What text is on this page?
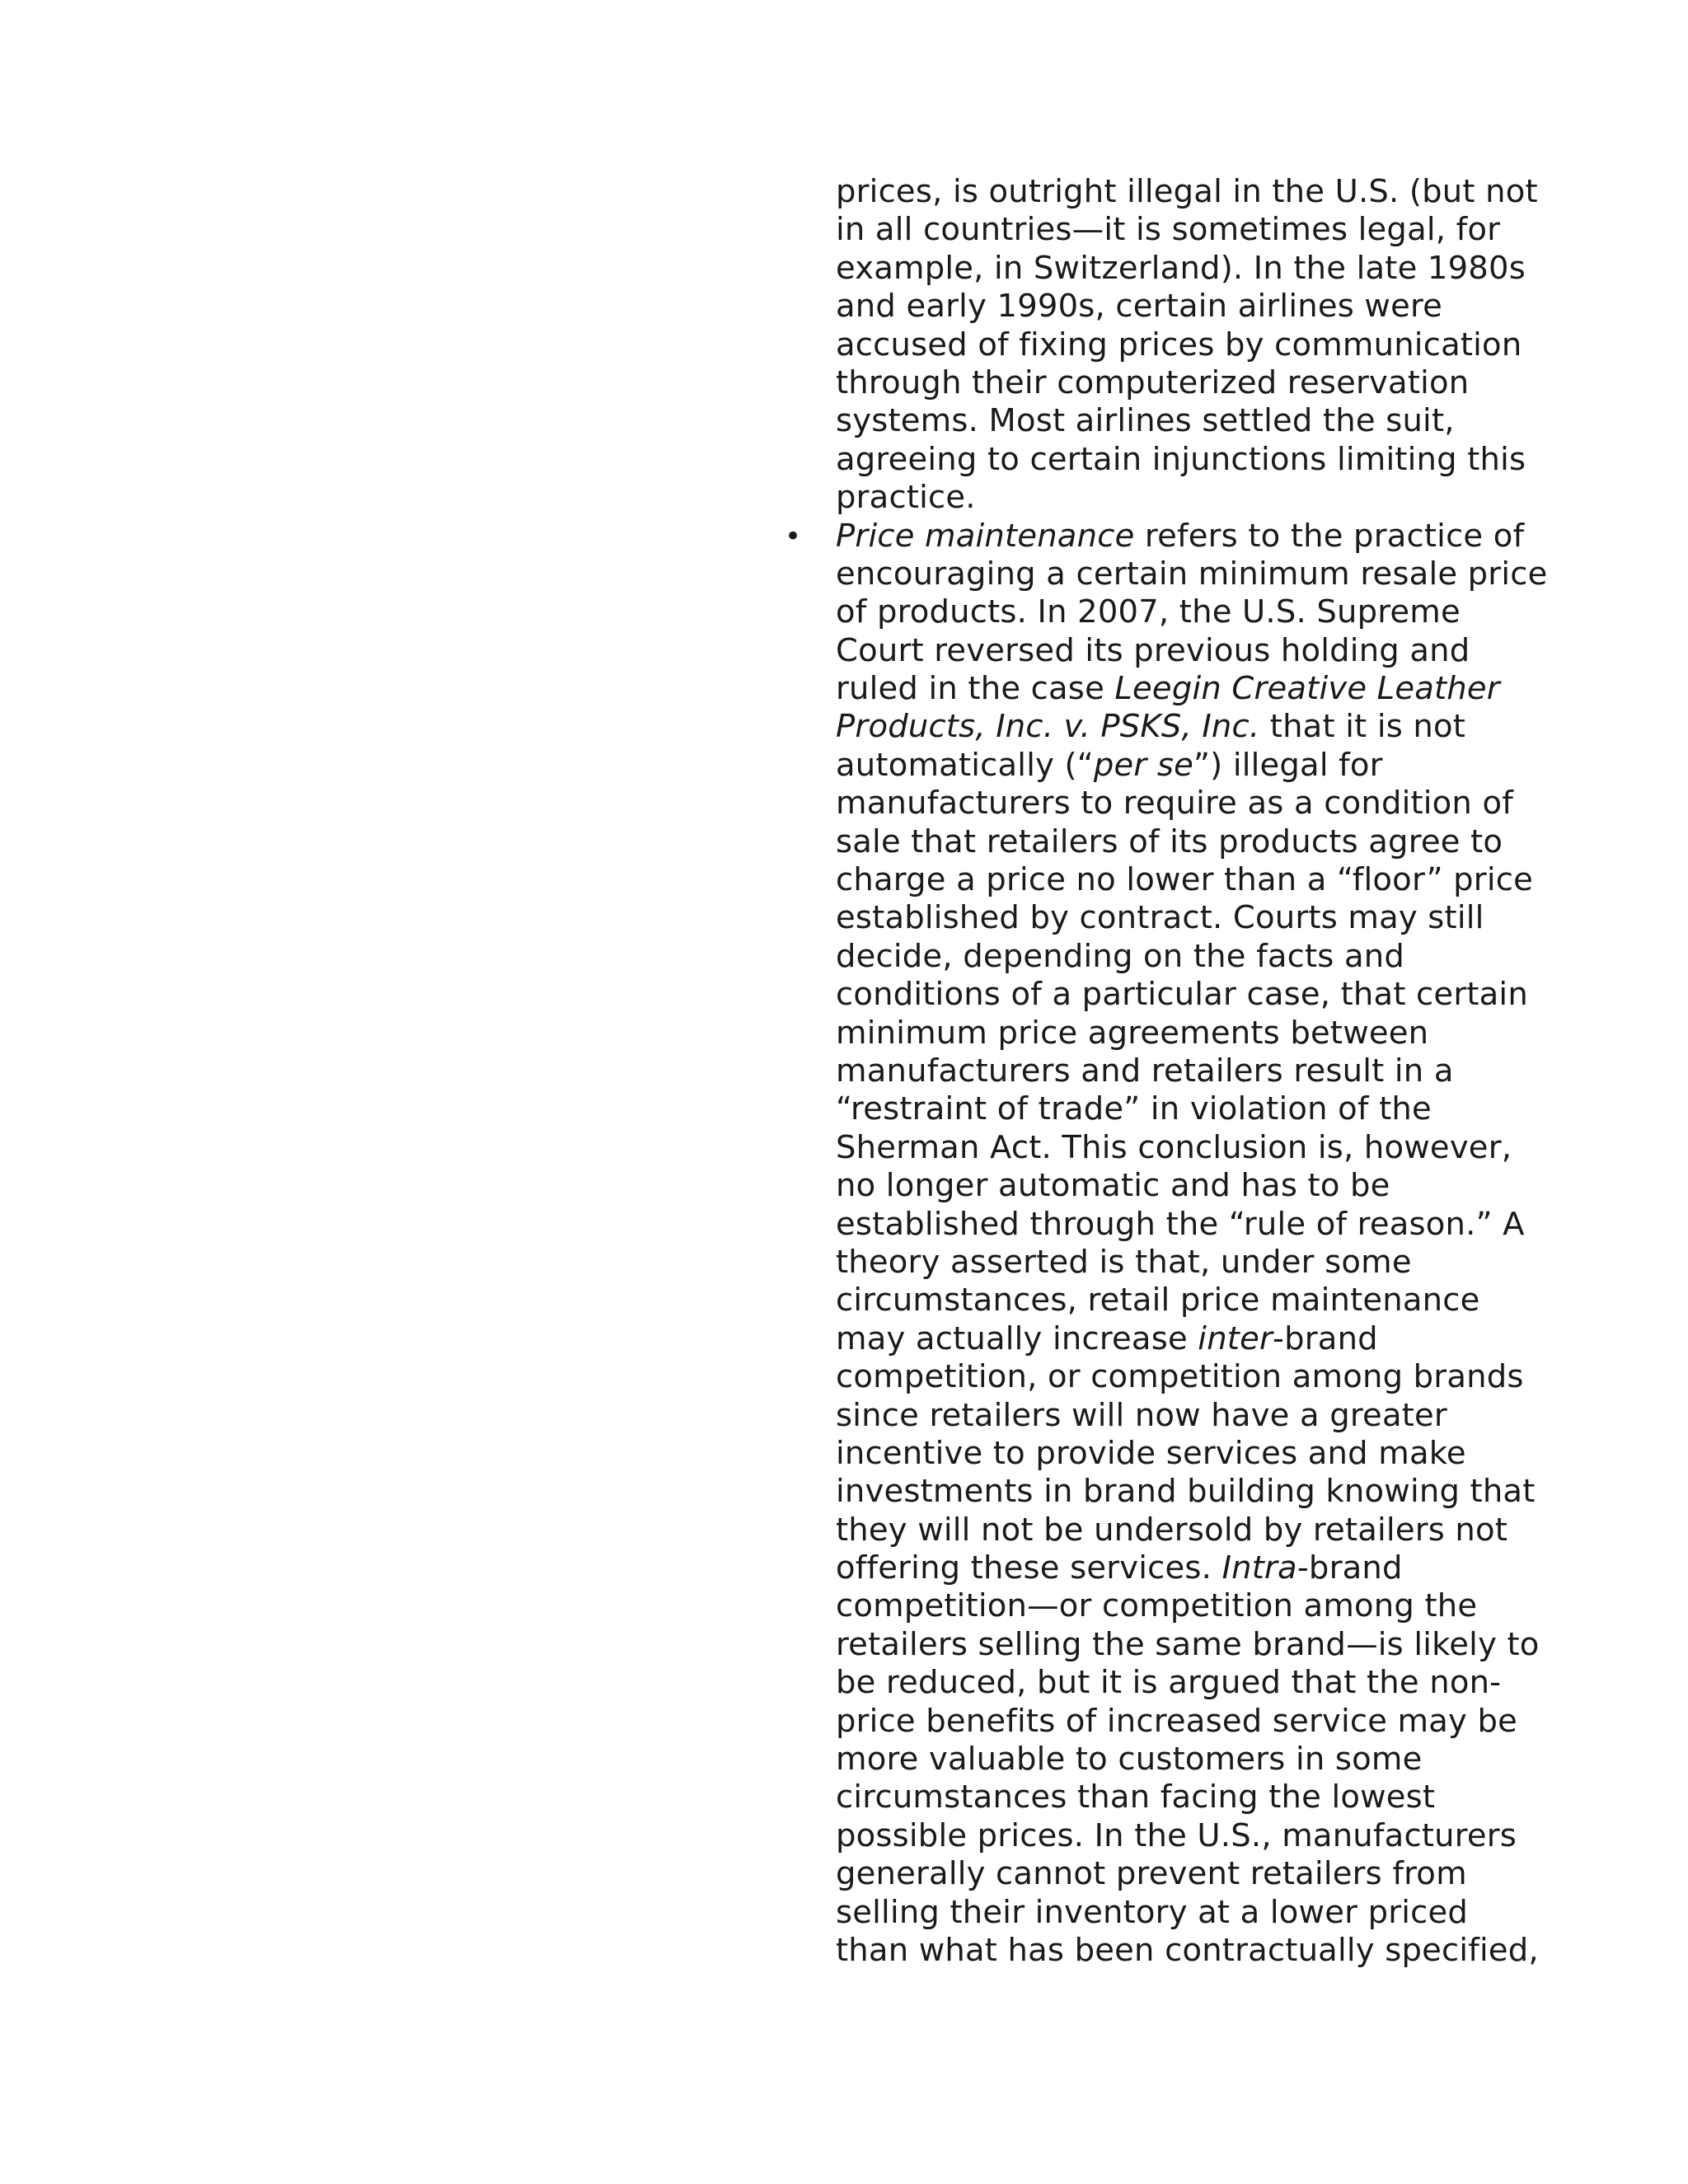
prices, is outright illegal in the U.S. (but not
in all countries—it is sometimes legal, for
example, in Switzerland). In the late 1980s
and early 1990s, certain airlines were
accused of fixing prices by communication
through their computerized reservation
systems. Most airlines settled the suit,
agreeing to certain injunctions limiting this
practice.
• Price maintenance refers to the practice of
encouraging a certain minimum resale price
of products. In 2007, the U.S. Supreme
Court reversed its previous holding and
ruled in the case Leegin Creative Leather
Products, Inc. v. PSKS, Inc. that it is not
automatically (“per se”) illegal for
manufacturers to require as a condition of
sale that retailers of its products agree to
charge a price no lower than a “floor” price
established by contract. Courts may still
decide, depending on the facts and
conditions of a particular case, that certain
minimum price agreements between
manufacturers and retailers result in a
“restraint of trade” in violation of the
Sherman Act. This conclusion is, however,
no longer automatic and has to be
established through the “rule of reason.” A
theory asserted is that, under some
circumstances, retail price maintenance
may actually increase inter-brand
competition, or competition among brands
since retailers will now have a greater
incentive to provide services and make
investments in brand building knowing that
they will not be undersold by retailers not
offering these services. Intra-brand
competition—or competition among the
retailers selling the same brand—is likely to
be reduced, but it is argued that the non-
price benefits of increased service may be
more valuable to customers in some
circumstances than facing the lowest
possible prices. In the U.S., manufacturers
generally cannot prevent retailers from
selling their inventory at a lower priced
than what has been contractually specified,
